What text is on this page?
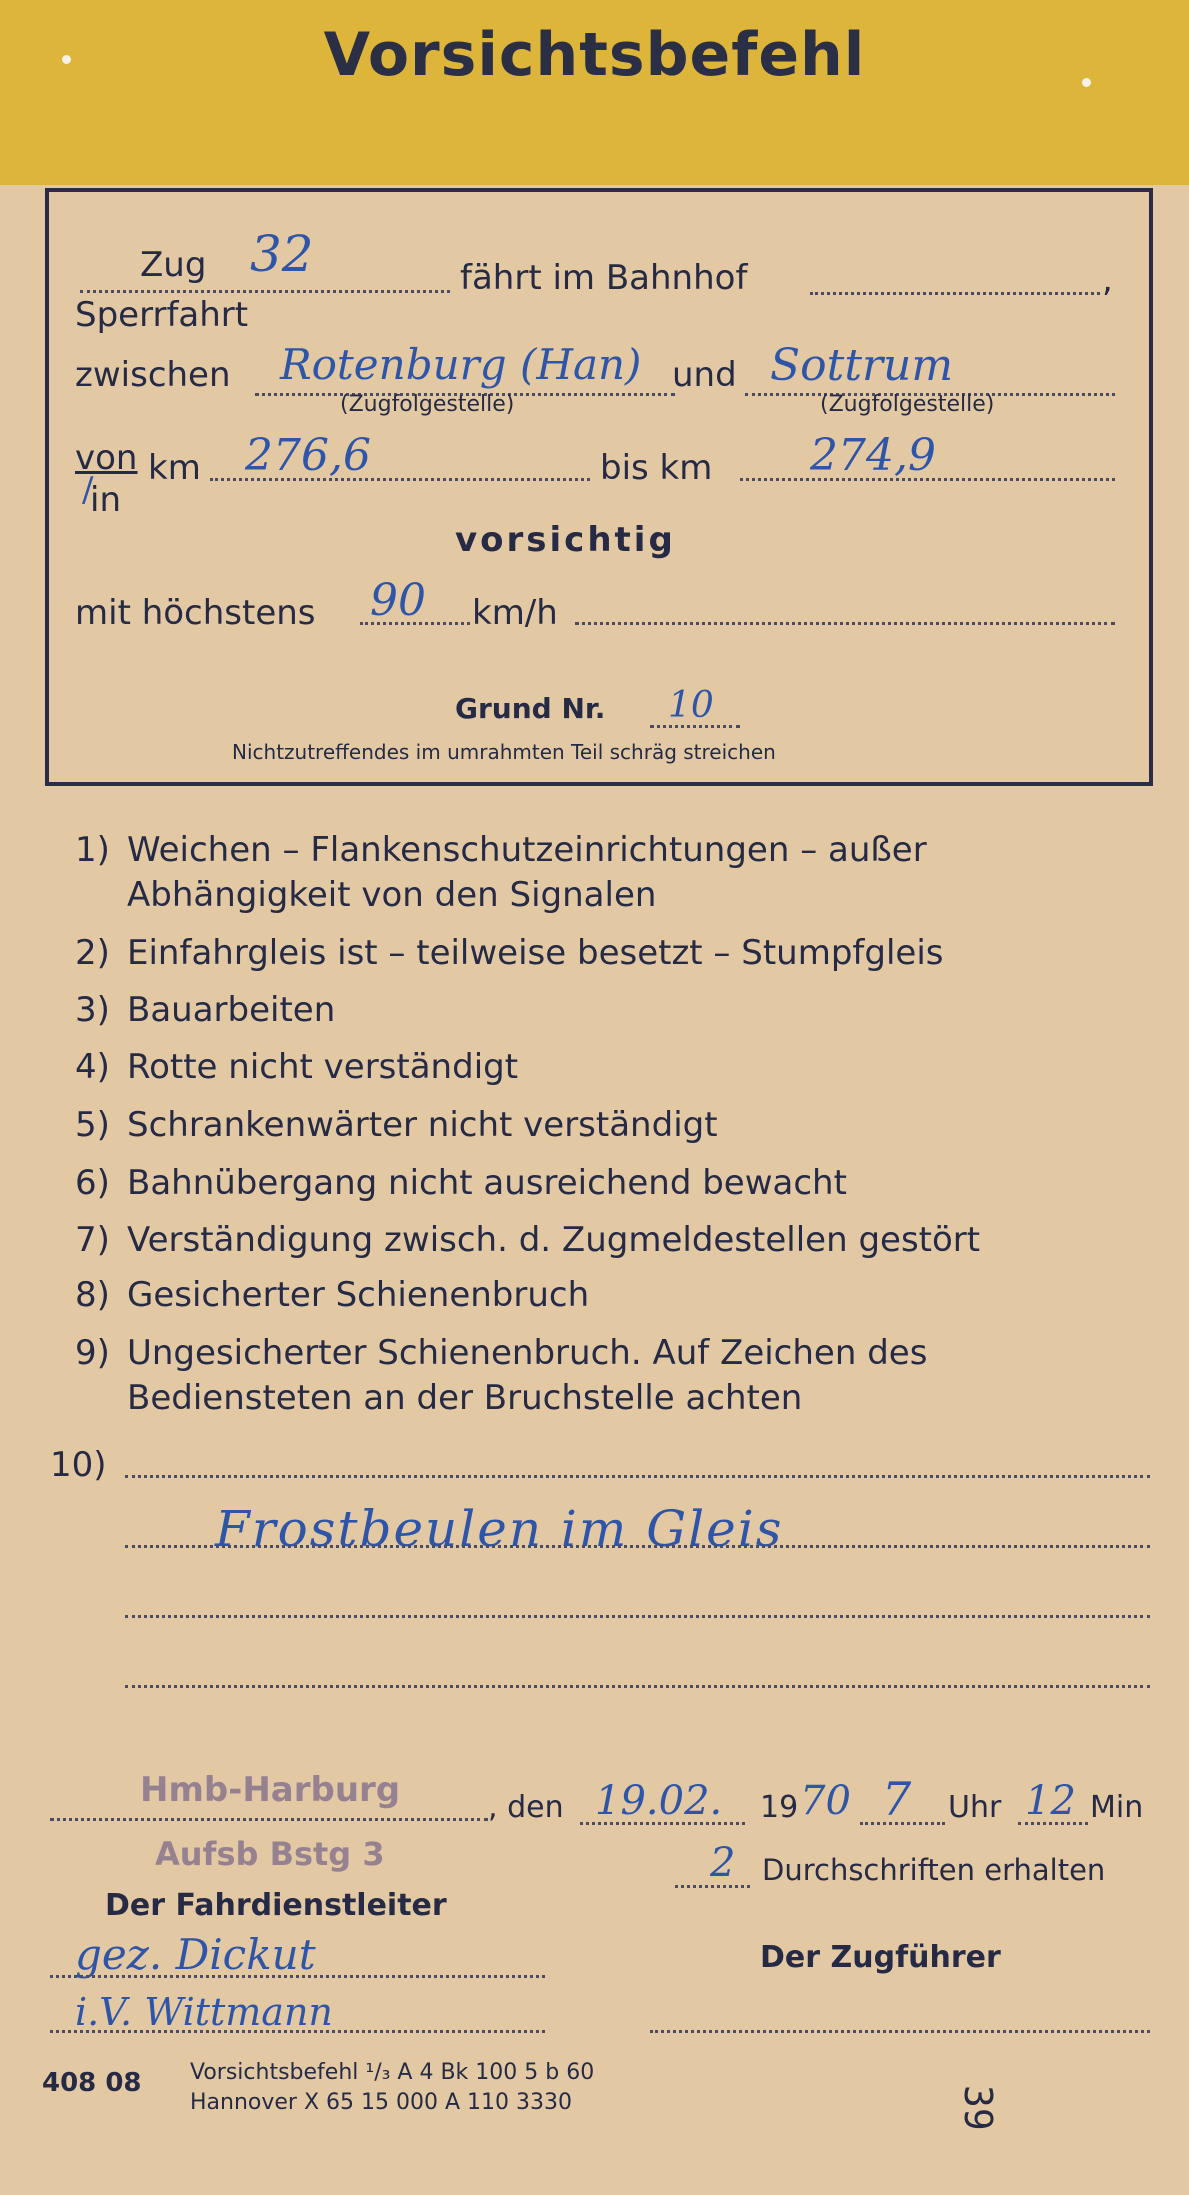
Vorsichtsbefehl
Zug 32	fährt im Bahnhof	,
Sperrfahrt
zwischen Rotenburg (Han) und Sottrum
(Zugfolgestelle)	(Zugfolgestelle)
von
in
/
km 276,6	bis km 274,9
vorsichtig
mit höchstens 90 km/h
Grund Nr. 10
Nichtzutreffendes im umrahmten Teil schräg streichen
1) Weichen – Flankenschutzeinrichtungen – außer
Abhängigkeit von den Signalen
2) Einfahrgleis ist – teilweise besetzt – Stumpfgleis
3) Bauarbeiten
4) Rotte nicht verständigt
5) Schrankenwärter nicht verständigt
6) Bahnübergang nicht ausreichend bewacht
7) Verständigung zwisch. d. Zugmeldestellen gestört
8) Gesicherter Schienenbruch
9) Ungesicherter Schienenbruch. Auf Zeichen des
Bediensteten an der Bruchstelle achten
10)
Frostbeulen im Gleis
Hmb-Harburg	, den 19.02. 19 70 7 Uhr 12 Min
Aufsb Bstg 3	2 Durchschriften erhalten
Der Fahrdienstleiter
Der Zugführer
gez. Dickut
i.V. Wittmann
408 08 Vorsichtsbefehl ¹/₃ A 4 Bk 100 5 b 60
Hannover X 65 15 000 A 110 3330	39
